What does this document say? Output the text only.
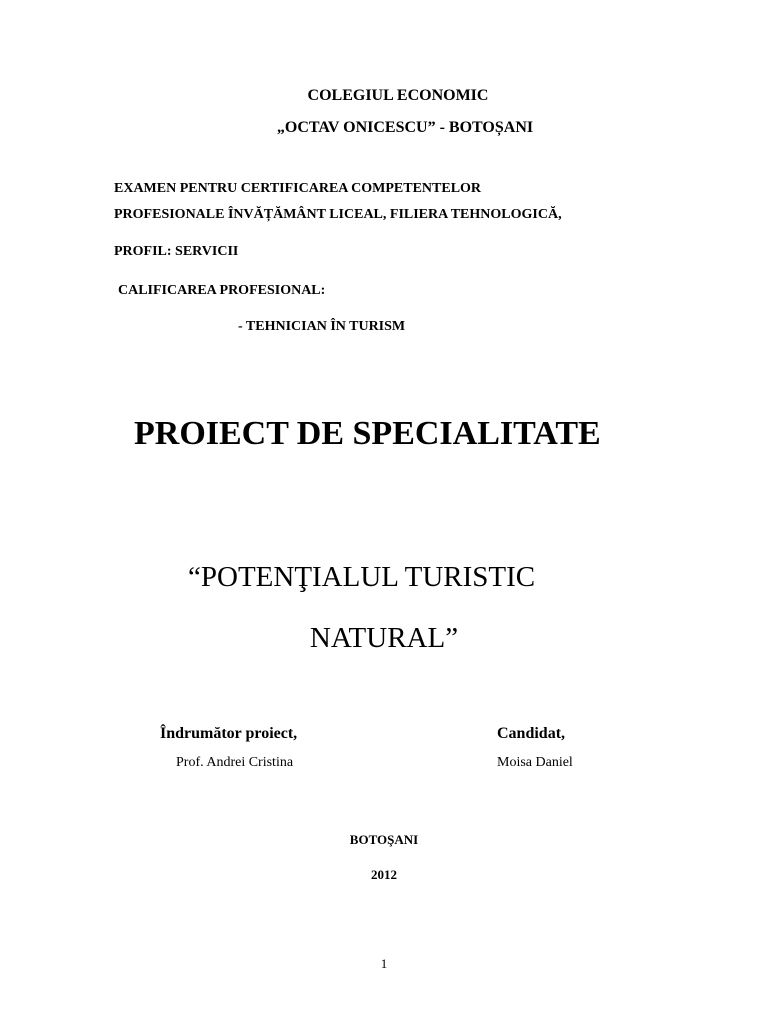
COLEGIUL ECONOMIC
„OCTAV ONICESCU” - BOTOȘANI
EXAMEN PENTRU CERTIFICAREA COMPETENTELOR
PROFESIONALE ÎNVĂȚĂMÂNT LICEAL, FILIERA TEHNOLOGICĂ,
PROFIL: SERVICII
CALIFICAREA PROFESIONAL:
- TEHNICIAN ÎN TURISM
PROIECT DE SPECIALITATE
“POTENŢIALUL TURISTIC
NATURAL”
Îndrumător proiect,	Candidat,
Prof. Andrei Cristina	Moisa Daniel
BOTOŞANI
2012
1
